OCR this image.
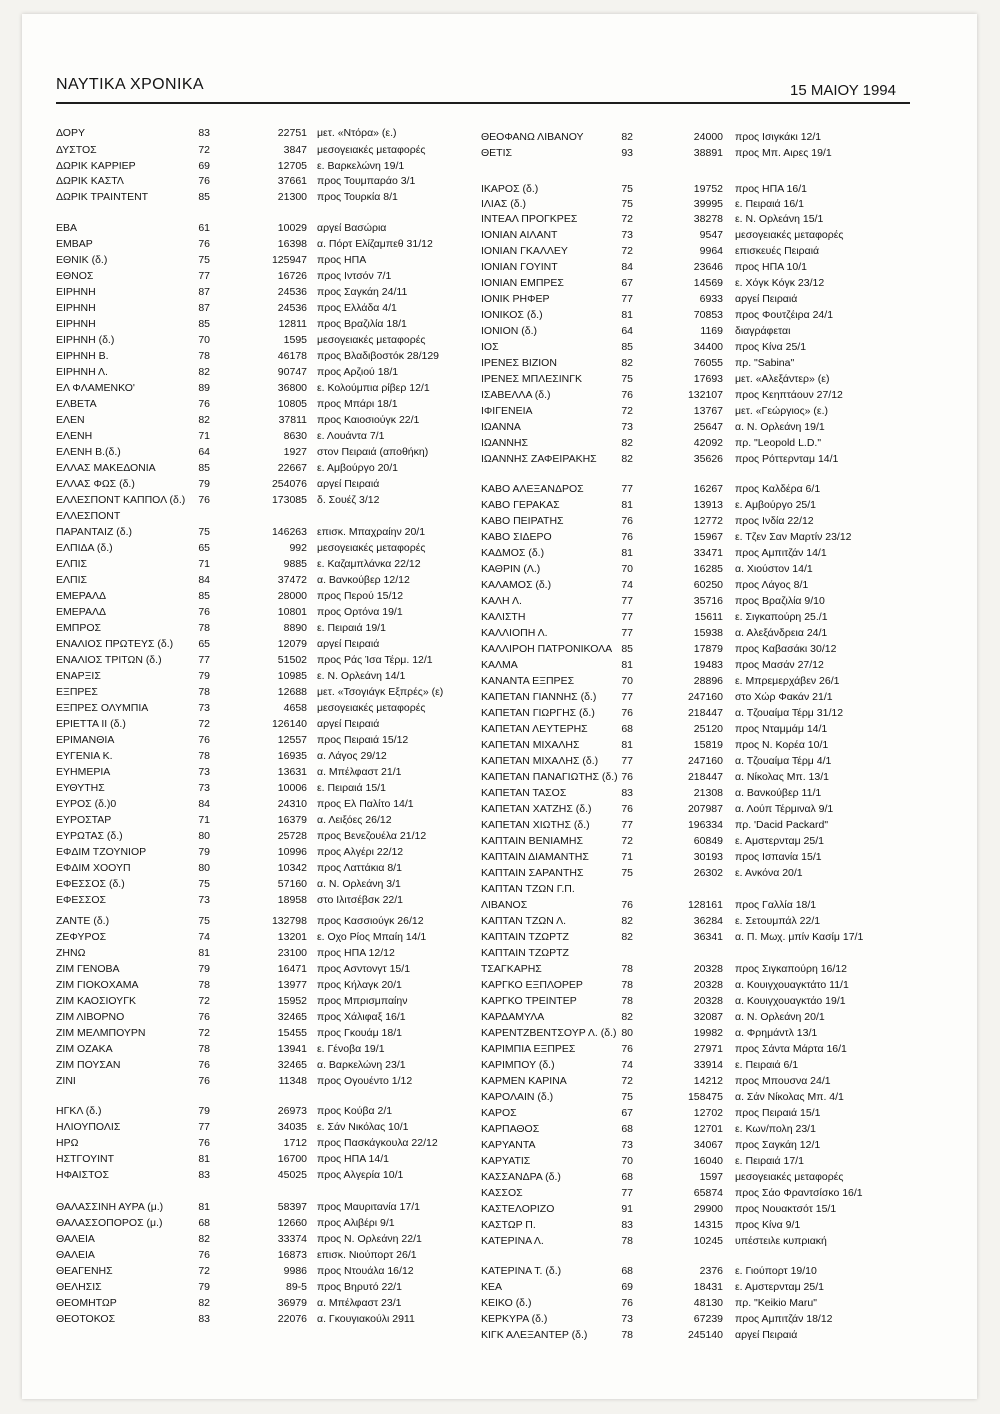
ΝΑΥΤΙΚΑ ΧΡΟΝΙΚΑ	15 ΜΑΙΟΥ 1994
ΔΟΡΥ	83	22751 μετ. «Ντόρα» (ε.)
ΔΥΣΤΟΣ	72	3847 μεσογειακές μεταφορές
ΔΩΡΙΚ ΚΑΡΡΙΕΡ	69	12705 ε. Βαρκελώνη 19/1
ΔΩΡΙΚ ΚΑΣΤΛ	76	37661 προς Τουμπαράο 3/1
ΔΩΡΙΚ ΤΡΑΙΝΤΕΝΤ	85	21300 προς Τουρκία 8/1
ΕΒΑ	61	10029 αργεί Βασώρια
ΕΜΒΑΡ	76	16398 α. Πόρτ Ελίζαμπεθ 31/12
ΕΘΝΙΚ (δ.)	75	125947 προς ΗΠΑ
ΕΘΝΟΣ	77	16726 προς Ιντσόν 7/1
ΕΙΡΗΝΗ	87	24536 προς Σαγκάη 24/11
ΕΙΡΗΝΗ	87	24536 προς Ελλάδα 4/1
ΕΙΡΗΝΗ	85	12811 προς Βραζιλία 18/1
ΕΙΡΗΝΗ (δ.)	70	1595 μεσογειακές μεταφορές
ΕΙΡΗΝΗ Β.	78	46178 προς Βλαδιβοστόκ 28/129
ΕΙΡΗΝΗ Λ.	82	90747 προς Αρζιού 18/1
ΕΛ ΦΛΑΜΕΝΚΟ'	89	36800 ε. Κολούμπια ρίβερ 12/1
ΕΛΒΕΤΑ	76	10805 προς Μπάρι 18/1
ΕΛΕΝ	82	37811 προς Καιοσιούγκ 22/1
ΕΛΕΝΗ	71	8630 ε. Λουάντα 7/1
ΕΛΕΝΗ Β.(δ.)	64	1927 στον Πειραιά (αποθήκη)
ΕΛΛΑΣ ΜΑΚΕΔΟΝΙΑ	85	22667 ε. Αμβούργο 20/1
ΕΛΛΑΣ ΦΩΣ (δ.)	79	254076 αργεί Πειραιά
ΕΛΛΕΣΠΟΝΤ ΚΑΠΠΟΛ (δ.)	76	173085 δ. Σουέζ 3/12
ΕΛΛΕΣΠΟΝΤ
ΠΑΡΑΝΤΑΙΖ (δ.)	75	146263 επισκ. Μπαχραίην 20/1
ΕΛΠΙΔΑ (δ.)	65	992 μεσογειακές μεταφορές
ΕΛΠΙΣ	71	9885 ε. Καζαμπλάνκα 22/12
ΕΛΠΙΣ	84	37472 α. Βανκούβερ 12/12
ΕΜΕΡΑΛΔ	85	28000 προς Περού 15/12
ΕΜΕΡΑΛΔ	76	10801 προς Ορτόνα 19/1
ΕΜΠΡΟΣ	78	8890 ε. Πειραιά 19/1
ΕΝΑΛΙΟΣ ΠΡΩΤΕΥΣ (δ.)	65	12079 αργεί Πειραιά
ΕΝΑΛΙΟΣ ΤΡΙΤΩΝ (δ.)	77	51502 προς Ράς Ίσα Τέρμ. 12/1
ΕΝΑΡΞΙΣ	79	10985 ε. Ν. Ορλεάνη 14/1
ΕΞΠΡΕΣ	78	12688 μετ. «Τσογιάγκ Εξπρές» (ε)
ΕΞΠΡΕΣ ΟΛΥΜΠΙΑ	73	4658 μεσογειακές μεταφορές
ΕΡΙΕΤΤΑ ΙΙ (δ.)	72	126140 αργεί Πειραιά
ΕΡΙΜΑΝΘΙΑ	76	12557 προς Πειραιά 15/12
ΕΥΓΕΝΙΑ Κ.	78	16935 α. Λάγος 29/12
ΕΥΗΜΕΡΙΑ	73	13631 α. Μπέλφαστ 21/1
ΕΥΘΥΤΗΣ	73	10006 ε. Πειραιά 15/1
ΕΥΡΟΣ (δ.)0	84	24310 προς Ελ Παλίτο 14/1
ΕΥΡΟΣΤΑΡ	71	16379 α. Λειξόες 26/12
ΕΥΡΩΤΑΣ (δ.)	80	25728 προς Βενεζουέλα 21/12
ΕΦΔΙΜ ΤΖΟΥΝΙΟΡ	79	10996 προς Αλγέρι 22/12
ΕΦΔΙΜ ΧΟΟΥΠ	80	10342 προς Λαττάκια 8/1
ΕΦΕΣΣΟΣ (δ.)	75	57160 α. Ν. Ορλεάνη 3/1
ΕΦΕΣΣΟΣ	73	18958 στο Ιλιτσέβσκ 22/1
ΖΑΝΤΕ (δ.)	75	132798 προς Κασσιούγκ 26/12
ΖΕΦΥΡΟΣ	74	13201 ε. Οχο Ρίος Μπαίη 14/1
ΖΗΝΩ	81	23100 προς ΗΠΑ 12/12
ΖΙΜ ΓΕΝΟΒΑ	79	16471 προς Ασντονγτ 15/1
ΖΙΜ ΓΙΟΚΟΧΑΜΑ	78	13977 προς Κήλαγκ 20/1
ΖΙΜ ΚΑΟΣΙΟΥΓΚ	72	15952 προς Μπρισμπαίην
ΖΙΜ ΛΙΒΟΡΝΟ	76	32465 προς Χάλιφαξ 16/1
ΖΙΜ ΜΕΛΜΠΟΥΡΝ	72	15455 προς Γκουάμ 18/1
ΖΙΜ ΟΖΑΚΑ	78	13941 ε. Γένοβα 19/1
ΖΙΜ ΠΟΥΣΑΝ	76	32465 α. Βαρκελώνη 23/1
ΖΙΝΙ	76	11348 προς Ογουέντο 1/12
ΗΓΚΛ (δ.)	79	26973 προς Κούβα 2/1
ΗΛΙΟΥΠΟΛΙΣ	77	34035 ε. Σάν Νικόλας 10/1
ΗΡΩ	76	1712 προς Πασκάγκουλα 22/12
ΗΣΤΓΟΥΙΝΤ	81	16700 προς ΗΠΑ 14/1
ΗΦΑΙΣΤΟΣ	83	45025 προς Αλγερία 10/1
ΘΑΛΑΣΣΙΝΗ ΑΥΡΑ (μ.)	81	58397 προς Μαυριτανία 17/1
ΘΑΛΑΣΣΟΠΟΡΟΣ (μ.)	68	12660 προς Αλιβέρι 9/1
ΘΑΛΕΙΑ	82	33374 προς Ν. Ορλεάνη 22/1
ΘΑΛΕΙΑ	76	16873 επισκ. Νιούπορτ 26/1
ΘΕΑΓΕΝΗΣ	72	9986 προς Ντουάλα 16/12
ΘΕΛΗΣΙΣ	79	89-5 προς Βηρυτό 22/1
ΘΕΟΜΗΤΩΡ	82	36979 α. Μπέλφαστ 23/1
ΘΕΟΤΟΚΟΣ	83	22076 α. Γκουγιακούλι 2911
ΘΕΟΦΑΝΩ ΛΙΒΑΝΟΥ	82	24000 προς Ισιγκάκι 12/1
ΘΕΤΙΣ	93	38891 προς Μπ. Αιρες 19/1
ΙΚΑΡΟΣ (δ.)	75	19752 προς ΗΠΑ 16/1
ΙΛΙΑΣ (δ.)	75	39995 ε. Πειραιά 16/1
ΙΝΤΕΑΛ ΠΡΟΓΚΡΕΣ	72	38278 ε. Ν. Ορλεάνη 15/1
ΙΟΝΙΑΝ ΑΙΛΑΝΤ	73	9547 μεσογειακές μεταφορές
ΙΟΝΙΑΝ ΓΚΑΛΛΕΥ	72	9964 επισκευές Πειραιά
ΙΟΝΙΑΝ ΓΟΥΙΝΤ	84	23646 προς ΗΠΑ 10/1
ΙΟΝΙΑΝ ΕΜΠΡΕΣ	67	14569 ε. Χόγκ Κόγκ 23/12
ΙΟΝΙΚ ΡΗΦΕΡ	77	6933 αργεί Πειραιά
ΙΟΝΙΚΟΣ (δ.)	81	70853 προς Φουτζέιρα 24/1
ΙΟΝΙΟΝ (δ.)	64	1169 διαγράφεται
ΙΟΣ	85	34400 προς Κίνα 25/1
ΙΡΕΝΕΣ ΒΙΖΙΟΝ	82	76055 πρ. "Sabina"
ΙΡΕΝΕΣ ΜΠΛΕΣΙΝΓΚ	75	17693 μετ. «Αλεξάντερ» (ε)
ΙΣΑΒΕΛΛΑ (δ.)	76	132107 προς Κεηπτάουν 27/12
ΙΦΙΓΕΝΕΙΑ	72	13767 μετ. «Γεώργιος» (ε.)
ΙΩΑΝΝΑ	73	25647 α. Ν. Ορλεάνη 19/1
ΙΩΑΝΝΗΣ	82	42092 πρ. "Leopold L.D."
ΙΩΑΝΝΗΣ ΖΑΦΕΙΡΑΚΗΣ	82	35626 προς Ρόττερνταμ 14/1
ΚΑΒΟ ΑΛΕΞΑΝΔΡΟΣ	77	16267 προς Καλδέρα 6/1
ΚΑΒΟ ΓΕΡΑΚΑΣ	81	13913 ε. Αμβούργο 25/1
ΚΑΒΟ ΠΕΙΡΑΤΗΣ	76	12772 προς Ινδία 22/12
ΚΑΒΟ ΣΙΔΕΡΟ	76	15967 ε. Τζεν Σαν Μαρτίν 23/12
ΚΑΔΜΟΣ (δ.)	81	33471 προς Αμπιτζάν 14/1
ΚΑΘΡΙΝ (Λ.)	70	16285 α. Χιούστον 14/1
ΚΑΛΑΜΟΣ (δ.)	74	60250 προς Λάγος 8/1
ΚΑΛΗ Λ.	77	35716 προς Βραζιλία 9/10
ΚΑΛΙΣΤΗ	77	15611 ε. Σιγκαπούρη 25./1
ΚΑΛΛΙΟΠΗ Λ.	77	15938 α. Αλεξάνδρεια 24/1
ΚΑΛΛΙΡΟΗ ΠΑΤΡΟΝΙΚΟΛΑ 85	17879 προς Καβασάκι 30/12
ΚΑΛΜΑ	81	19483 προς Μασάν 27/12
ΚΑΝΑΝΤΑ ΕΞΠΡΕΣ	70	28896 ε. Μπρεμερχάβεν 26/1
ΚΑΠΕΤΑΝ ΓΙΑΝΝΗΣ (δ.)	77	247160 στο Χώρ Φακάν 21/1
ΚΑΠΕΤΑΝ ΓΙΩΡΓΗΣ (δ.)	76	218447 α. Τζουαίμα Τέρμ 31/12
ΚΑΠΕΤΑΝ ΛΕΥΤΕΡΗΣ	68	25120 προς Νταμμάμ 14/1
ΚΑΠΕΤΑΝ ΜΙΧΑΛΗΣ	81	15819 προς Ν. Κορέα 10/1
ΚΑΠΕΤΑΝ ΜΙΧΑΛΗΣ (δ.)	77	247160 α. Τζουαίμα Τέρμ 4/1
ΚΑΠΕΤΑΝ ΠΑΝΑΓΙΩΤΗΣ (δ.) 76	218447 α. Νίκολας Μπ. 13/1
ΚΑΠΕΤΑΝ ΤΑΣΟΣ	83	21308 α. Βανκούβερ 11/1
ΚΑΠΕΤΑΝ ΧΑΤΖΗΣ (δ.)	76	207987 α. Λούπ Τέρμιναλ 9/1
ΚΑΠΕΤΑΝ ΧΙΩΤΗΣ (δ.)	77	196334 πρ. 'Dacid Packard"
ΚΑΠΤΑΙΝ ΒΕΝΙΑΜΗΣ	72	60849 ε. Αμστερνταμ 25/1
ΚΑΠΤΑΙΝ ΔΙΑΜΑΝΤΗΣ	71	30193 προς Ισπανία 15/1
ΚΑΠΤΑΙΝ ΣΑΡΑΝΤΗΣ	75	26302 ε. Ανκόνα 20/1
ΚΑΠΤΑΝ ΤΖΩΝ Γ.Π.
ΛΙΒΑΝΟΣ	76	128161 προς Γαλλία 18/1
ΚΑΠΤΑΝ ΤΖΩΝ Λ.	82	36284 ε. Σετουμπάλ 22/1
ΚΑΠΤΑΙΝ ΤΖΩΡΤΖ	82	36341 α. Π. Μωχ. μπίν Κασίμ 17/1
ΚΑΠΤΑΙΝ ΤΖΩΡΤΖ
ΤΣΑΓΚΑΡΗΣ	78	20328 προς Σιγκαπούρη 16/12
ΚΑΡΓΚΟ ΕΞΠΛΟΡΕΡ	78	20328 α. Κουιγχουαγκτάτο 11/1
ΚΑΡΓΚΟ ΤΡΕΙΝΤΕΡ	78	20328 α. Κουιγχουαγκτάο 19/1
ΚΑΡΔΑΜΥΛΑ	82	32087 α. Ν. Ορλεάνη 20/1
ΚΑΡΕΝΤΖΒΕΝΤΣΟΥΡ Λ. (δ.) 80	19982 α. Φρημάντλ 13/1
ΚΑΡΙΜΠΙΑ ΕΞΠΡΕΣ	76	27971 προς Σάντα Μάρτα 16/1
ΚΑΡΙΜΠΟΥ (δ.)	74	33914 ε. Πειραιά 6/1
ΚΑΡΜΕΝ ΚΑΡΙΝΑ	72	14212 προς Μπουσνα 24/1
ΚΑΡΟΛΑΙΝ (δ.)	75	158475 α. Σάν Νίκολας Μπ. 4/1
ΚΑΡΟΣ	67	12702 προς Πειραιά 15/1
ΚΑΡΠΑΘΟΣ	68	12701 ε. Κων/πολη 23/1
ΚΑΡΥΑΝΤΑ	73	34067 προς Σαγκάη 12/1
ΚΑΡΥΑΤΙΣ	70	16040 ε. Πειραιά 17/1
ΚΑΣΣΑΝΔΡΑ (δ.)	68	1597 μεσογειακές μεταφορές
ΚΑΣΣΟΣ	77	65874 προς Σάο Φραντσίσκο 16/1
ΚΑΣΤΕΛΟΡΙΖΟ	91	29900 προς Νουακτσότ 15/1
ΚΑΣΤΩΡ Π.	83	14315 προς Κίνα 9/1
ΚΑΤΕΡΙΝΑ Λ.	78	10245 υπέστειλε κυπριακή
ΚΑΤΕΡΙΝΑ Τ. (δ.)	68	2376 ε. Γιούπορτ 19/10
ΚΕΑ	69	18431 ε. Αμστερνταμ 25/1
ΚΕΙΚΟ (δ.)	76	48130 πρ. "Keikio Maru"
ΚΕΡΚΥΡΑ (δ.)	73	67239 προς Αμπιτζάν 18/12
ΚΙΓΚ ΑΛΕΞΑΝΤΕΡ (δ.)	78	245140 αργεί Πειραιά
